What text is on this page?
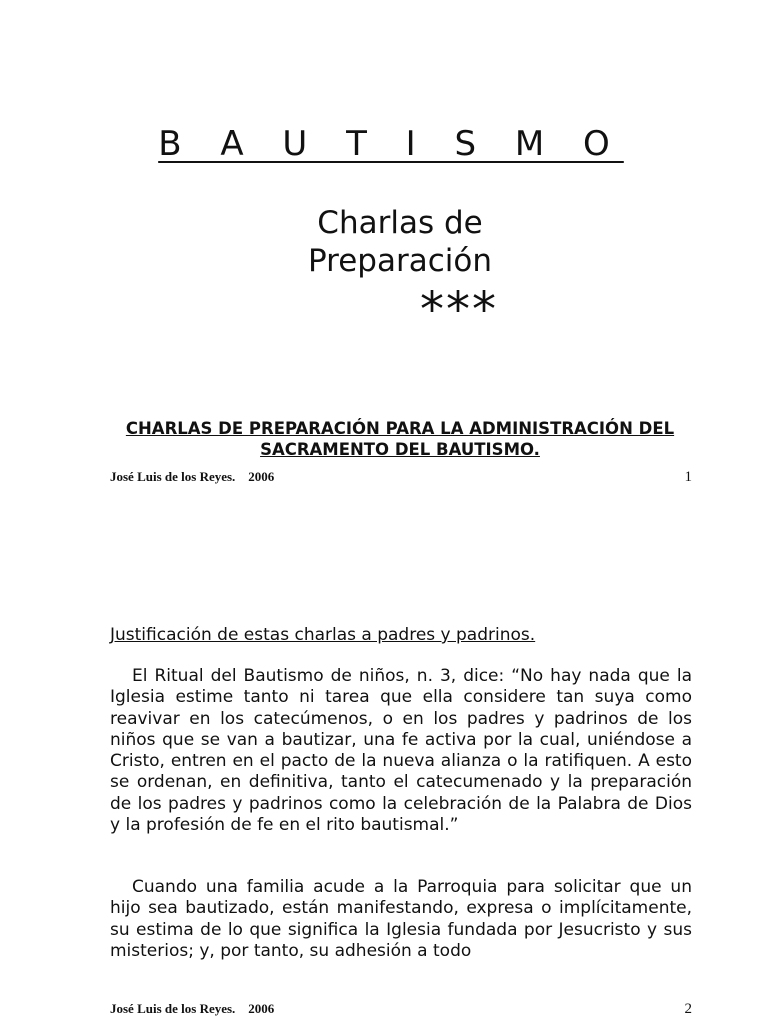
B A U T I S M O
Charlas de
Preparación
***
CHARLAS DE PREPARACIÓN PARA LA ADMINISTRACIÓN DEL SACRAMENTO DEL BAUTISMO.
José Luis de los Reyes.    2006	1
Justificación de estas charlas a padres y padrinos.

El Ritual del Bautismo de niños, n. 3, dice: “No hay nada que la Iglesia estime tanto ni tarea que ella considere tan suya como reavivar en los catecúmenos, o en los padres y padrinos de los niños que se van a bautizar, una fe activa por la cual, uniéndose a Cristo, entren en el pacto de la nueva alianza o la ratifiquen. A esto se ordenan, en definitiva, tanto el catecumenado y la preparación de los padres y padrinos como la celebración de la Palabra de Dios y la profesión de fe en el rito bautismal.”

Cuando una familia acude a la Parroquia para solicitar que un hijo sea bautizado, están manifestando, expresa o implícitamente, su estima de lo que significa la Iglesia fundada por Jesucristo y sus misterios; y, por tanto, su adhesión a todo

José Luis de los Reyes.    2006	2
